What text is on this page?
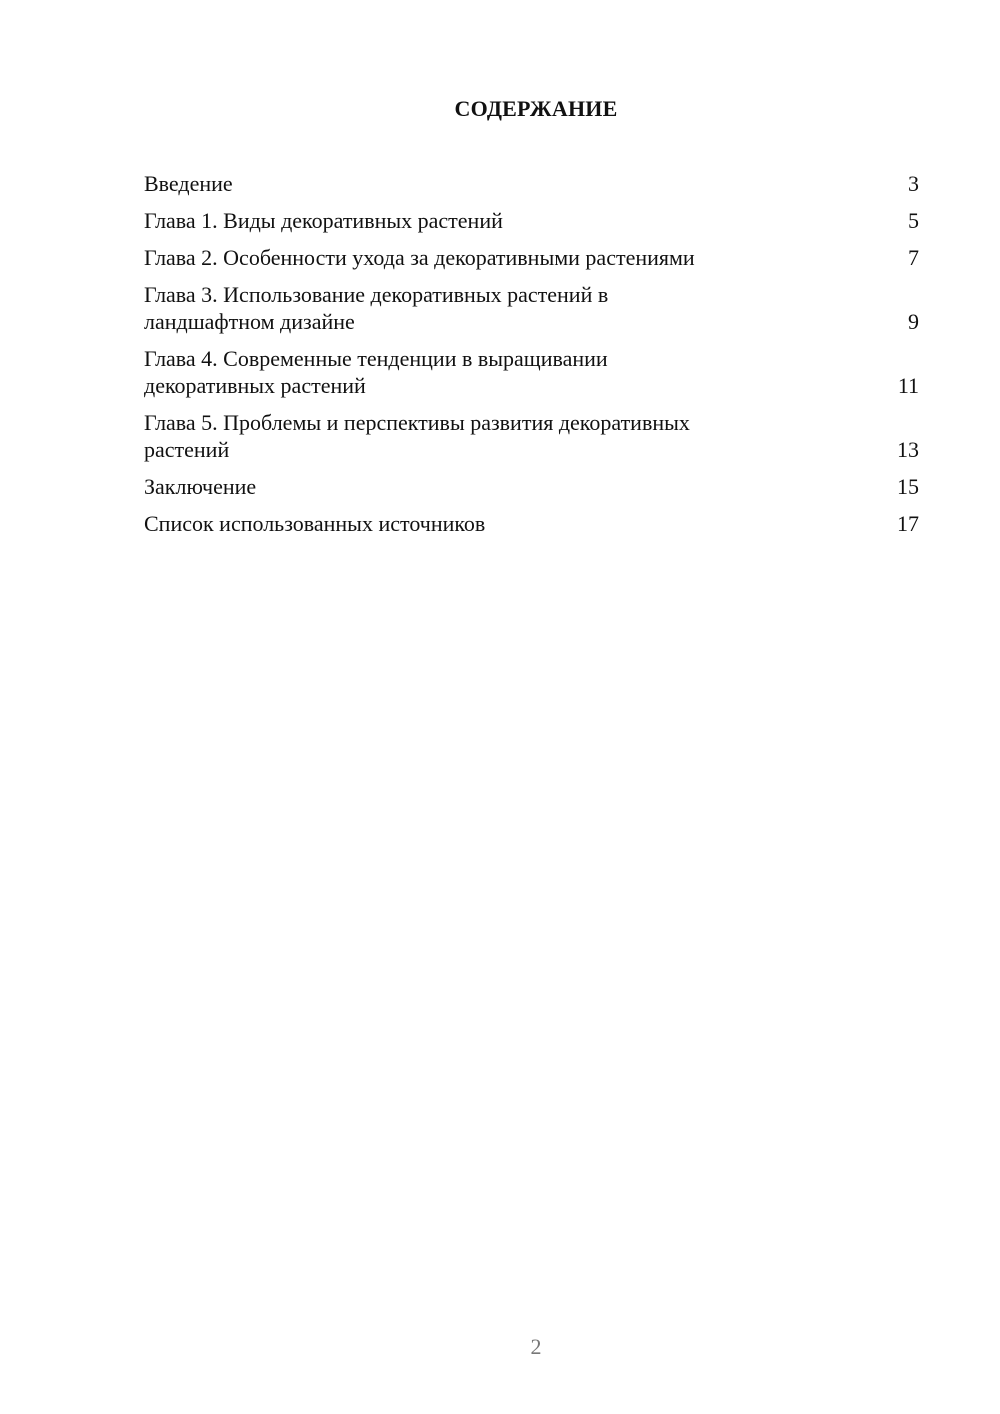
СОДЕРЖАНИЕ
Введение	3
Глава 1. Виды декоративных растений	5
Глава 2. Особенности ухода за декоративными растениями	7
Глава 3. Использование декоративных растений в ландшафтном дизайне	9
Глава 4. Современные тенденции в выращивании декоративных растений	11
Глава 5. Проблемы и перспективы развития декоративных растений	13
Заключение	15
Список использованных источников	17
2
